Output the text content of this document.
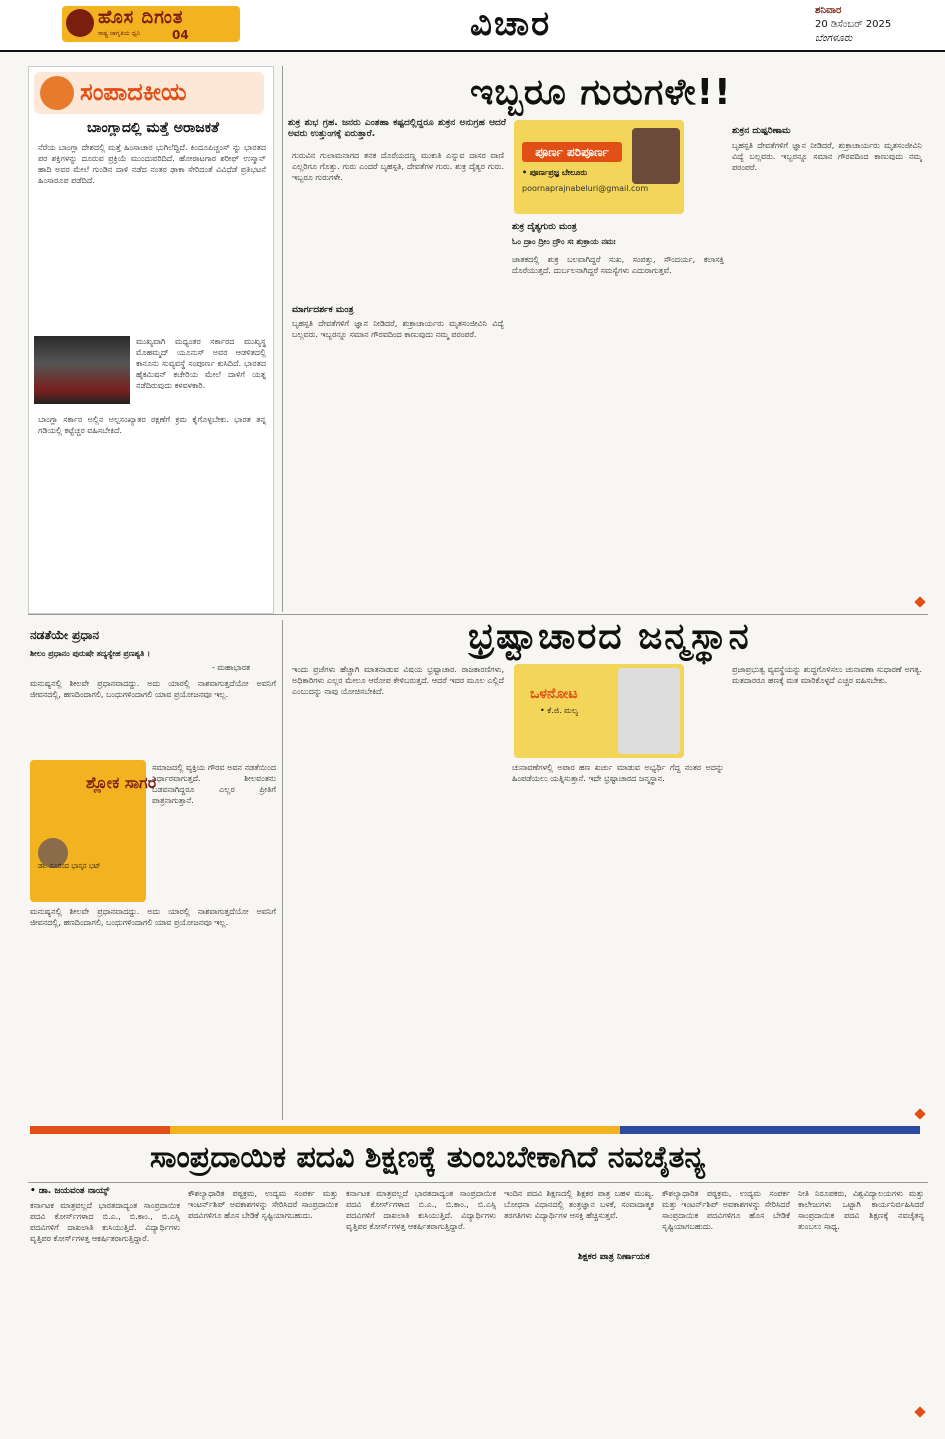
ಹೊಸ ದಿಗಂತ
ರಾಷ್ಟ್ರ ಜಾಗೃತಿಯ ಧ್ವನಿ	04	ವಿಚಾರ	ಶನಿವಾರ
20 ಡಿಸೆಂಬರ್ 2025
ಬೆಂಗಳೂರು
ಸಂಪಾದಕೀಯ
ಬಾಂಗ್ಲಾದಲ್ಲಿ ಮತ್ತೆ ಅರಾಜಕತೆ
ನೆರೆಯ ಬಾಂಗ್ಲಾ ದೇಶದಲ್ಲಿ ಮತ್ತೆ ಹಿಂಸಾಚಾರ ಭುಗಿಲೆದ್ದಿದೆ. ಕಿಂದೂಪಿಚ್ಚಂಸ್ ನ್ನು ಭಾರತದ ಪರ ಶಕ್ತಿಗಳನ್ನು ದೂರುವ ಪ್ರಕ್ರಿಯೆ ಮುಂದುವರಿದಿದೆ. ಹೋರಾಟಗಾರ ಶರೀಫ್ ಉಸ್ಮಾನ್ ಹಾದಿ ಅವರ ಮೇಲೆ ಗುಂಡಿನ ದಾಳಿ ನಡೆದ ನಂತರ ಢಾಕಾ ಸೇರಿದಂತೆ ವಿವಿಧೆಡೆ ಪ್ರತಿಭಟನೆ ಹಿಂಸಾರೂಪ ಪಡೆದಿದೆ.
ಮುಖ್ಯವಾಗಿ ಮಧ್ಯಂತರ ಸರ್ಕಾರದ ಮುಖ್ಯಸ್ಥ ಮೊಹಮ್ಮದ್ ಯೂನುಸ್ ಅವರ ಆಡಳಿತದಲ್ಲಿ ಕಾನೂನು ಸುವ್ಯವಸ್ಥೆ ಸಂಪೂರ್ಣ ಕುಸಿದಿದೆ. ಭಾರತದ ಹೈಕಮಿಷನ್ ಕಚೇರಿಯ ಮೇಲೆ ದಾಳಿಗೆ ಯತ್ನ ನಡೆದಿರುವುದು ಕಳವಳಕಾರಿ.
ಬಾಂಗ್ಲಾ ಸರ್ಕಾರ ಅಲ್ಲಿನ ಅಲ್ಪಸಂಖ್ಯಾತರ ರಕ್ಷಣೆಗೆ ಕ್ರಮ ಕೈಗೊಳ್ಳಬೇಕು. ಭಾರತ ತನ್ನ ಗಡಿಯಲ್ಲಿ ಕಟ್ಟೆಚ್ಚರ ವಹಿಸಬೇಕಿದೆ.
ಇಬ್ಬರೂ ಗುರುಗಳೇ!!
ಶುಕ್ರ ಶುಭ ಗ್ರಹ. ಜನರು ಎಂತಹಾ ಕಷ್ಟದಲ್ಲಿದ್ದರೂ ಶುಕ್ರನ ಅನುಗ್ರಹ ಆದರೆ ಅವರು ಉತ್ತುಂಗಕ್ಕೆ ಏರುತ್ತಾರೆ.
ಪೂರ್ಣ ಪರಿಪೂರ್ಣ
• ಪೂರ್ಣಪ್ರಜ್ಞ ಬೇಲೂರು
poornaprajnabeluri@gmail.com
ಗುರುವಿನ ಗುಲಾಮನಾಗದ ತನಕ ದೊರೆಯದಣ್ಣ ಮುಕುತಿ ಎನ್ನುವ ದಾಸರ ವಾಣಿ ಎಲ್ಲರಿಗೂ ಗೊತ್ತು. ಗುರು ಎಂದರೆ ಬೃಹಸ್ಪತಿ, ದೇವತೆಗಳ ಗುರು. ಶುಕ್ರ ದೈತ್ಯರ ಗುರು. ಇಬ್ಬರೂ ಗುರುಗಳೇ.
ಮಾರ್ಗದರ್ಶಕ ಮಂತ್ರ
ಬೃಹಸ್ಪತಿ ದೇವತೆಗಳಿಗೆ ಜ್ಞಾನ ನೀಡಿದರೆ, ಶುಕ್ರಾಚಾರ್ಯರು ಮೃತಸಂಜೀವಿನಿ ವಿದ್ಯೆ ಬಲ್ಲವರು. ಇಬ್ಬರನ್ನೂ ಸಮಾನ ಗೌರವದಿಂದ ಕಾಣುವುದು ನಮ್ಮ ಪರಂಪರೆ.
ಶುಕ್ರ ದೈತ್ಯಗುರು ಮಂತ್ರ
ಓಂ ದ್ರಾಂ ದ್ರೀಂ ದ್ರೌಂ ಸಃ ಶುಕ್ರಾಯ ನಮಃ
ಜಾತಕದಲ್ಲಿ ಶುಕ್ರ ಬಲವಾಗಿದ್ದರೆ ಸುಖ, ಸಂಪತ್ತು, ಸೌಂದರ್ಯ, ಕಲಾಸಕ್ತಿ ದೊರೆಯುತ್ತದೆ. ದುರ್ಬಲನಾಗಿದ್ದರೆ ಸಮಸ್ಯೆಗಳು ಎದುರಾಗುತ್ತವೆ.
ಶುಕ್ರನ ದುಷ್ಪರಿಣಾಮ
ಬೃಹಸ್ಪತಿ ದೇವತೆಗಳಿಗೆ ಜ್ಞಾನ ನೀಡಿದರೆ, ಶುಕ್ರಾಚಾರ್ಯರು ಮೃತಸಂಜೀವಿನಿ ವಿದ್ಯೆ ಬಲ್ಲವರು. ಇಬ್ಬರನ್ನೂ ಸಮಾನ ಗೌರವದಿಂದ ಕಾಣುವುದು ನಮ್ಮ ಪರಂಪರೆ.
ನಡತೆಯೇ ಪ್ರಧಾನ
ಶೀಲಂ ಪ್ರಧಾನಂ ಪುರುಷೇ ತದ್ಯಸ್ಯೇಹ ಪ್ರಣಶ್ಯತಿ ।
- ಮಹಾಭಾರತ
ಮನುಷ್ಯನಲ್ಲಿ ಶೀಲವೇ ಪ್ರಧಾನವಾದದ್ದು. ಅದು ಯಾರಲ್ಲಿ ನಾಶವಾಗುತ್ತದೆಯೋ ಅವನಿಗೆ ಜೀವನದಲ್ಲಿ, ಹಣದಿಂದಾಗಲಿ, ಬಂಧುಗಳಿಂದಾಗಲಿ ಯಾವ ಪ್ರಯೋಜನವೂ ಇಲ್ಲ.
ಶ್ಲೋಕ ಸಾಗರ
ಡಾ. ನೂರಂದ ಭಾಸ್ಕರ ಭಟ್
ಸಮಾಜದಲ್ಲಿ ವ್ಯಕ್ತಿಯ ಗೌರವ ಅವನ ನಡತೆಯಿಂದ ನಿರ್ಧಾರವಾಗುತ್ತದೆ. ಶೀಲವಂತನು ಬಡವನಾಗಿದ್ದರೂ ಎಲ್ಲರ ಪ್ರೀತಿಗೆ ಪಾತ್ರನಾಗುತ್ತಾನೆ.
ಮನುಷ್ಯನಲ್ಲಿ ಶೀಲವೇ ಪ್ರಧಾನವಾದದ್ದು. ಅದು ಯಾರಲ್ಲಿ ನಾಶವಾಗುತ್ತದೆಯೋ ಅವನಿಗೆ ಜೀವನದಲ್ಲಿ, ಹಣದಿಂದಾಗಲಿ, ಬಂಧುಗಳಿಂದಾಗಲಿ ಯಾವ ಪ್ರಯೋಜನವೂ ಇಲ್ಲ.
ಭ್ರಷ್ಟಾಚಾರದ ಜನ್ಮಸ್ಥಾನ
ಒಳನೋಟ
• ಕೆ.ಜಿ. ಮಲ್ಯ
ಇಂದು ಪ್ರಜೆಗಳು ಹೆಚ್ಚಾಗಿ ಮಾತನಾಡುವ ವಿಷಯ ಭ್ರಷ್ಟಾಚಾರ. ರಾಜಕಾರಣಿಗಳು, ಅಧಿಕಾರಿಗಳು ಎಲ್ಲರ ಮೇಲೂ ಆರೋಪ ಕೇಳಿಬರುತ್ತದೆ. ಆದರೆ ಇದರ ಮೂಲ ಎಲ್ಲಿದೆ ಎಂಬುದನ್ನು ನಾವು ಯೋಚಿಸಬೇಕಿದೆ.
ಚುನಾವಣೆಗಳಲ್ಲಿ ಅಪಾರ ಹಣ ಖರ್ಚು ಮಾಡುವ ಅಭ್ಯರ್ಥಿ ಗೆದ್ದ ನಂತರ ಅದನ್ನು ಹಿಂಪಡೆಯಲು ಯತ್ನಿಸುತ್ತಾನೆ. ಇದೇ ಭ್ರಷ್ಟಾಚಾರದ ಜನ್ಮಸ್ಥಾನ.
ಪ್ರಜಾಪ್ರಭುತ್ವ ವ್ಯವಸ್ಥೆಯನ್ನು ಶುದ್ಧಗೊಳಿಸಲು ಚುನಾವಣಾ ಸುಧಾರಣೆ ಅಗತ್ಯ. ಮತದಾರರೂ ಹಣಕ್ಕೆ ಮತ ಮಾರಿಕೊಳ್ಳದೆ ಎಚ್ಚರ ವಹಿಸಬೇಕು.
ಸಾಂಪ್ರದಾಯಿಕ ಪದವಿ ಶಿಕ್ಷಣಕ್ಕೆ ತುಂಬಬೇಕಾಗಿದೆ ನವಚೈತನ್ಯ
• ಡಾ. ಜಯವಂತ ನಾಯ್ಕ್
ಕರ್ನಾಟಕ ಮಾತ್ರವಲ್ಲದೆ ಭಾರತದಾದ್ಯಂತ ಸಾಂಪ್ರದಾಯಿಕ ಪದವಿ ಕೋರ್ಸ್‌ಗಳಾದ ಬಿ.ಎ., ಬಿ.ಕಾಂ., ಬಿ.ಎಸ್ಸಿ ಪದವಿಗಳಿಗೆ ದಾಖಲಾತಿ ಕುಸಿಯುತ್ತಿದೆ. ವಿದ್ಯಾರ್ಥಿಗಳು ವೃತ್ತಿಪರ ಕೋರ್ಸ್‌ಗಳತ್ತ ಆಕರ್ಷಿತರಾಗುತ್ತಿದ್ದಾರೆ.
ಕೌಶಲ್ಯಾಧಾರಿತ ಪಠ್ಯಕ್ರಮ, ಉದ್ಯಮ ಸಂಪರ್ಕ ಮತ್ತು ಇಂಟರ್ನ್‌ಶಿಪ್ ಅವಕಾಶಗಳನ್ನು ಸೇರಿಸಿದರೆ ಸಾಂಪ್ರದಾಯಿಕ ಪದವಿಗಳಿಗೂ ಹೊಸ ಬೇಡಿಕೆ ಸೃಷ್ಟಿಯಾಗಬಹುದು.
ಕರ್ನಾಟಕ ಮಾತ್ರವಲ್ಲದೆ ಭಾರತದಾದ್ಯಂತ ಸಾಂಪ್ರದಾಯಿಕ ಪದವಿ ಕೋರ್ಸ್‌ಗಳಾದ ಬಿ.ಎ., ಬಿ.ಕಾಂ., ಬಿ.ಎಸ್ಸಿ ಪದವಿಗಳಿಗೆ ದಾಖಲಾತಿ ಕುಸಿಯುತ್ತಿದೆ. ವಿದ್ಯಾರ್ಥಿಗಳು ವೃತ್ತಿಪರ ಕೋರ್ಸ್‌ಗಳತ್ತ ಆಕರ್ಷಿತರಾಗುತ್ತಿದ್ದಾರೆ.
ಇಂದಿನ ಪದವಿ ಶಿಕ್ಷಣದಲ್ಲಿ ಶಿಕ್ಷಕರ ಪಾತ್ರ ಬಹಳ ಮುಖ್ಯ. ಬೋಧನಾ ವಿಧಾನದಲ್ಲಿ ತಂತ್ರಜ್ಞಾನ ಬಳಕೆ, ಸಂವಾದಾತ್ಮಕ ತರಗತಿಗಳು ವಿದ್ಯಾರ್ಥಿಗಳ ಆಸಕ್ತಿ ಹೆಚ್ಚಿಸುತ್ತವೆ.
ಶಿಕ್ಷಕರ ಪಾತ್ರ ನಿರ್ಣಾಯಕ
ಕೌಶಲ್ಯಾಧಾರಿತ ಪಠ್ಯಕ್ರಮ, ಉದ್ಯಮ ಸಂಪರ್ಕ ಮತ್ತು ಇಂಟರ್ನ್‌ಶಿಪ್ ಅವಕಾಶಗಳನ್ನು ಸೇರಿಸಿದರೆ ಸಾಂಪ್ರದಾಯಿಕ ಪದವಿಗಳಿಗೂ ಹೊಸ ಬೇಡಿಕೆ ಸೃಷ್ಟಿಯಾಗಬಹುದು.
ನೀತಿ ನಿರೂಪಕರು, ವಿಶ್ವವಿದ್ಯಾಲಯಗಳು ಮತ್ತು ಕಾಲೇಜುಗಳು ಒಟ್ಟಾಗಿ ಕಾರ್ಯನಿರ್ವಹಿಸಿದರೆ ಸಾಂಪ್ರದಾಯಿಕ ಪದವಿ ಶಿಕ್ಷಣಕ್ಕೆ ನವಚೈತನ್ಯ ತುಂಬಲು ಸಾಧ್ಯ.
